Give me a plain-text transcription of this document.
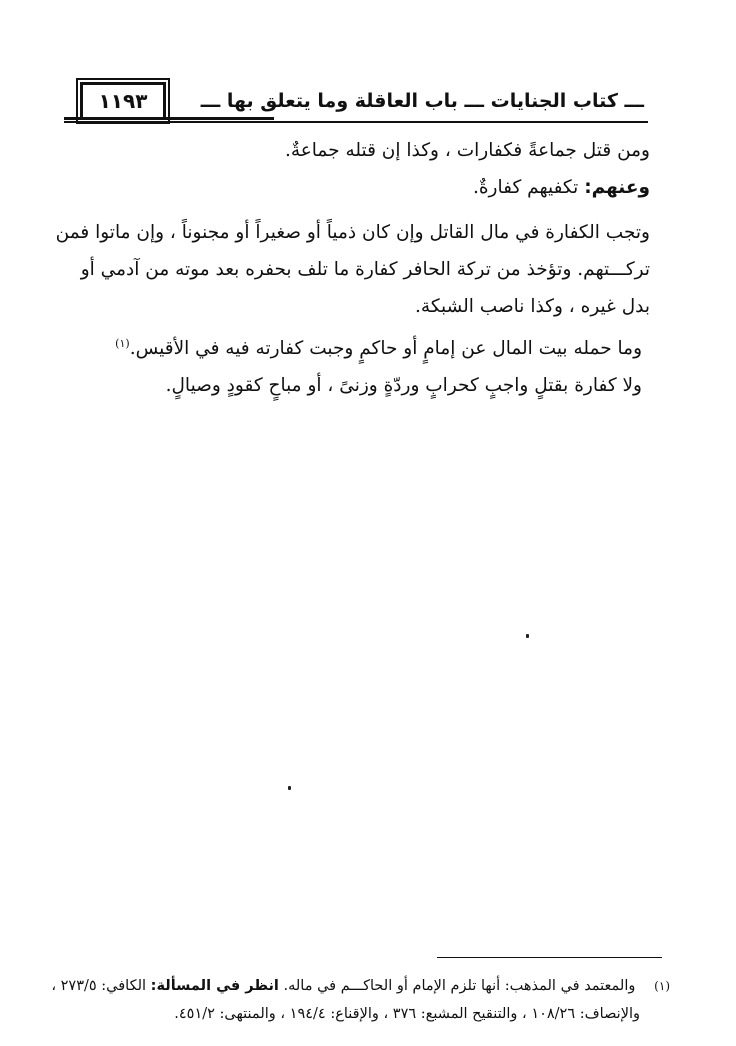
١١٩٣	ـــ كتاب الجنايات ـــ باب العاقلة وما يتعلق بها ـــ
ومن قتل جماعةً فكفارات ، وكذا إن قتله جماعةٌ.
وعنهم: تكفيهم كفارةٌ.
وتجب الكفارة في مال القاتل وإن كان ذمياً أو صغيراً أو مجنوناً ، وإن ماتوا فمن
تركـــتهم. وتؤخذ من تركة الحافر كفارة ما تلف بحفره بعد موته من آدمي أو
بدل غيره ، وكذا ناصب الشبكة.
وما حمله بيت المال عن إمامٍ أو حاكمٍ وجبت كفارته فيه في الأقيس.$^{(١)}$
ولا كفارة بقتلٍ واجبٍ كحرابٍ وردّةٍ وزنىً ، أو مباحٍ كقودٍ وصيالٍ.
(١) والمعتمد في المذهب: أنها تلزم الإمام أو الحاكـــم في ماله. انظر في المسألة: الكافي: ٢٧٣/٥ ،
والإنصاف: ١٠٨/٢٦ ، والتنقيح المشبع: ٣٧٦ ، والإقناع: ١٩٤/٤ ، والمنتهى: ٤٥١/٢.
